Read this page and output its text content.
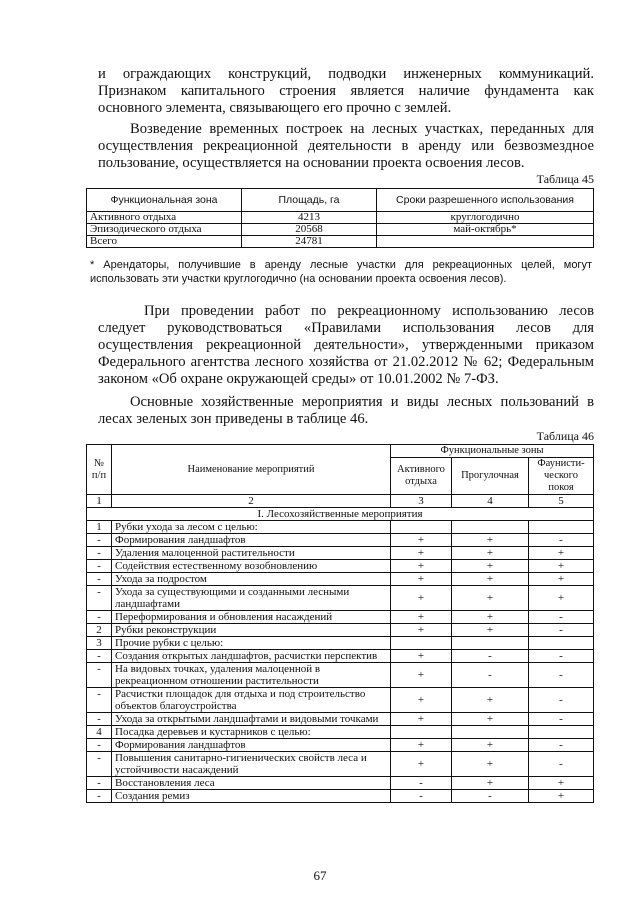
и ограждающих конструкций, подводки инженерных коммуникаций. Признаком капитального строения является наличие фундамента как основного элемента, связывающего его прочно с землей.

Возведение временных построек на лесных участках, переданных для осуществления рекреационной деятельности в аренду или безвозмездное пользование, осуществляется на основании проекта освоения лесов.

Таблица 45
Функциональная зона	Площадь, га	Сроки разрешенного использования
Активного отдыха	4213	круглогодично
Эпизодического отдыха	20568	май-октябрь*
Всего	24781	
* Арендаторы, получившие в аренду лесные участки для рекреационных целей, могут использовать эти участки круглогодично (на основании проекта освоения лесов).

При проведении работ по рекреационному использованию лесов следует руководствоваться «Правилами использования лесов для осуществления рекреационной деятельности», утвержденными приказом Федерального агентства лесного хозяйства от 21.02.2012 № 62; Федеральным законом «Об охране окружающей среды» от 10.01.2002 № 7-ФЗ.

Основные хозяйственные мероприятия и виды лесных пользований в лесах зеленых зон приведены в таблице 46.

Таблица 46
№ п/п	Наименование мероприятий	Функциональные зоны		
		Активного отдыха	Прогулочная	Фаунисти-ческого покоя
1	2	3	4	5
I. Лесохозяйственные мероприятия				
1	Рубки ухода за лесом с целью:			
-	Формирования ландшафтов	+	+	-
-	Удаления малоценной растительности	+	+	+
-	Содействия естественному возобновлению	+	+	+
-	Ухода за подростом	+	+	+
-	Ухода за существующими и созданными лесными ландшафтами	+	+	+
-	Переформирования и обновления насаждений	+	+	-
2	Рубки реконструкции	+	+	-
3	Прочие рубки с целью:			
-	Создания открытых ландшафтов, расчистки перспектив	+	-	-
-	На видовых точках, удаления малоценной в рекреационном отношении растительности	+	-	-
-	Расчистки площадок для отдыха и под строительство объектов благоустройства	+	+	-
-	Ухода за открытыми ландшафтами и видовыми точками	+	+	-
4	Посадка деревьев и кустарников с целью:			
-	Формирования ландшафтов	+	+	-
-	Повышения санитарно-гигиенических свойств леса и устойчивости насаждений	+	+	-
-	Восстановления леса	-	+	+
-	Создания ремиз	-	-	+
67
